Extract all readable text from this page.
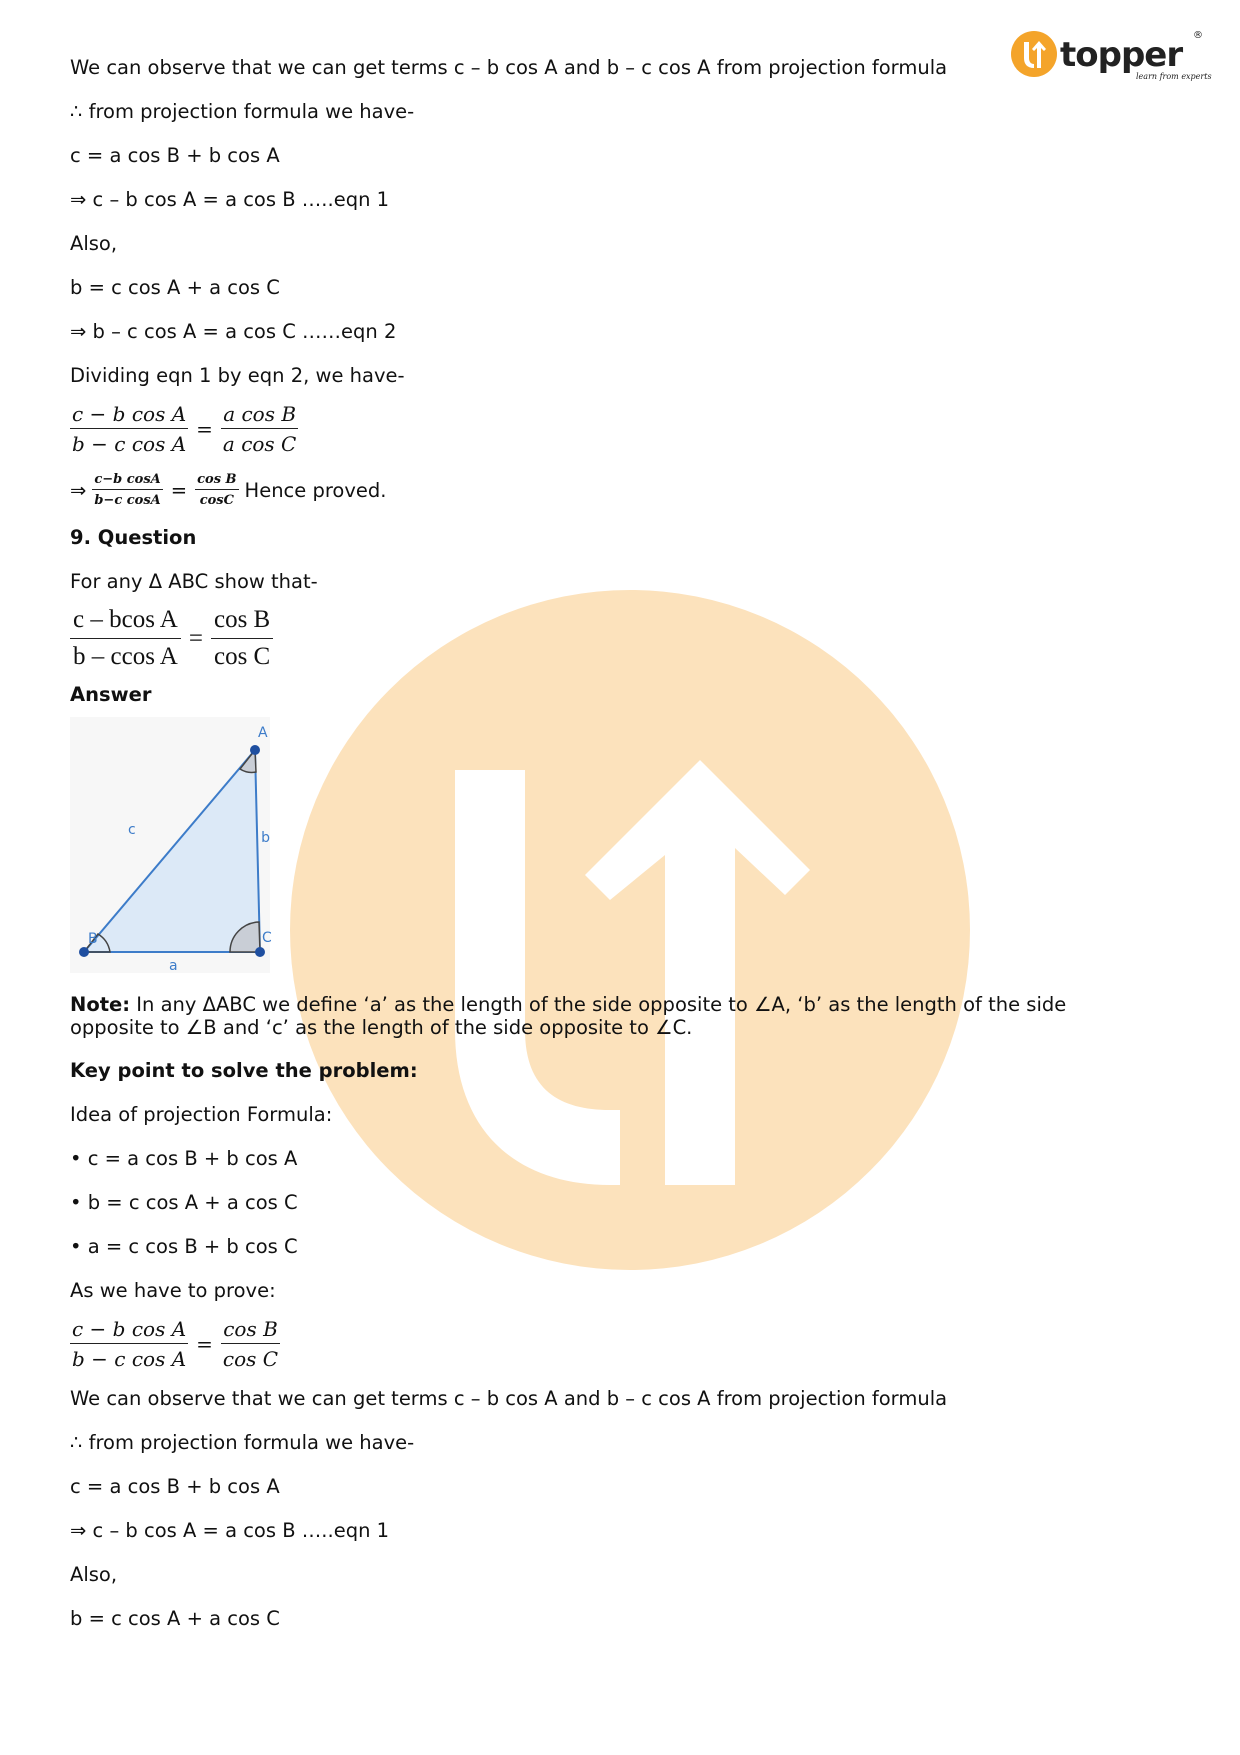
topper
learn from experts
®
We can observe that we can get terms c – b cos A and b – c cos A from projection formula
∴ from projection formula we have-
c = a cos B + b cos A
⇒ c – b cos A = a cos B …..eqn 1
Also,
b = c cos A + a cos C
⇒ b – c cos A = a cos C ……eqn 2
Dividing eqn 1 by eqn 2, we have-
$\frac{\text{c − b cos A}}{\text{b − c cos A}} = \frac{\text{a cos B}}{\text{a cos C}}$
⇒ $\frac{\text{c−b cosA}}{\text{b−c cosA}} = \frac{\text{cos B}}{\cos C}$ Hence proved.
9. Question
For any Δ ABC show that-
$\frac{\text{c – bcos A}}{\text{b – ccos A}} = \frac{\text{cos B}}{\text{cos C}}$
Answer
A
B	C
a
b
c
Note: In any ΔABC we define ‘a’ as the length of the side opposite to ∠A, ‘b’ as the length of the side opposite to ∠B and ‘c’ as the length of the side opposite to ∠C.
Key point to solve the problem:
Idea of projection Formula:
• c = a cos B + b cos A
• b = c cos A + a cos C
• a = c cos B + b cos C
As we have to prove:
$\frac{\text{c − b cos A}}{\text{b − c cos A}} = \frac{\text{cos B}}{\text{cos C}}$
We can observe that we can get terms c – b cos A and b – c cos A from projection formula
∴ from projection formula we have-
c = a cos B + b cos A
⇒ c – b cos A = a cos B …..eqn 1
Also,
b = c cos A + a cos C
